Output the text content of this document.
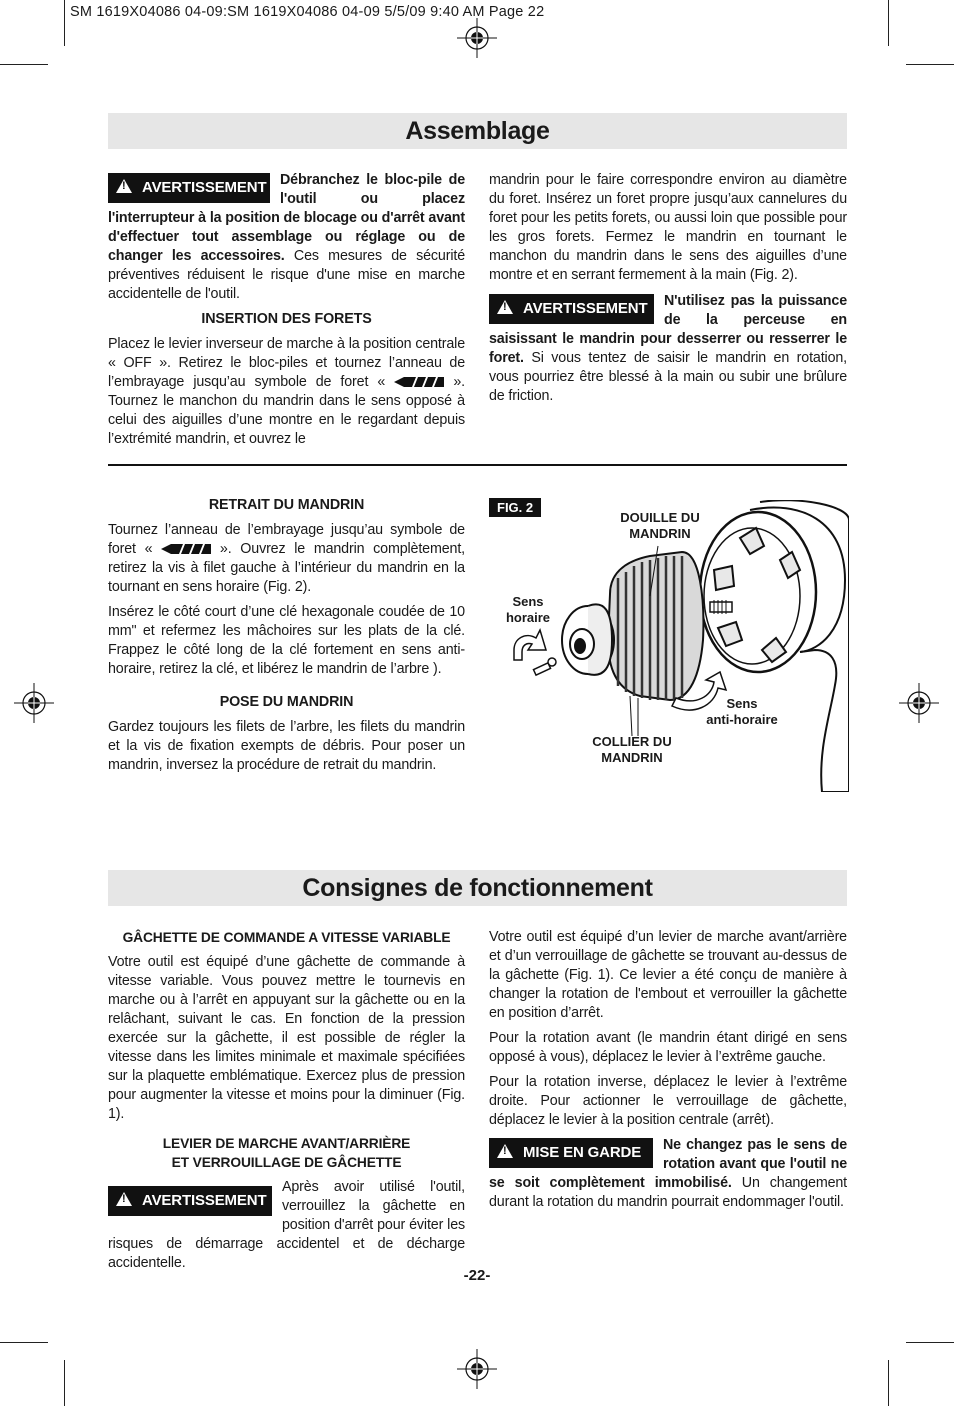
SM 1619X04086 04-09:SM 1619X04086 04-09 5/5/09 9:40 AM Page 22
Assemblage
!AVERTISSEMENT Débranchez le bloc-pile de l'outil ou placez l'interrupteur à la position de blocage ou d'arrêt avant d'effectuer tout assemblage ou réglage ou de changer les accessoires. Ces mesures de sécurité préventives réduisent le risque d'une mise en marche accidentelle de l'outil.

INSERTION DES FORETS

Placez le levier inverseur de marche à la position centrale « OFF ». Retirez le bloc-piles et tournez l’anneau de l’embrayage jusqu’au symbole de foret «	». Tournez le manchon du mandrin dans le sens opposé à celui des aiguilles d’une montre en le regardant depuis l’extrémité mandrin, et ouvrez le

mandrin pour le faire correspondre environ au diamètre du foret. Insérez un foret propre jusqu’aux cannelures du foret pour les petits forets, ou aussi loin que possible pour les gros forets. Fermez le mandrin en tournant le manchon du mandrin dans le sens des aiguilles d’une montre et en serrant fermement à la main (Fig. 2).

!AVERTISSEMENT	N'utilisez pas la puissance de la perceuse en saisissant le mandrin pour desserrer ou resserrer le foret. Si vous tentez de saisir le mandrin en rotation, vous pourriez être blessé à la main ou subir une brûlure de friction.

RETRAIT DU MANDRIN

Tournez l’anneau de l’embrayage jusqu’au symbole de foret «	». Ouvrez le mandrin complètement, retirez la vis à filet gauche à l’intérieur du mandrin en la tournant en sens horaire (Fig. 2).

Insérez le côté court d’une clé hexagonale coudée de 10 mm" et refermez les mâchoires sur les plats de la clé. Frappez le côté long de la clé fortement en sens anti-horaire, retirez la clé, et libérez le mandrin de l’arbre ).

POSE DU MANDRIN

Gardez toujours les filets de l’arbre, les filets du mandrin et la vis de fixation exempts de débris. Pour poser un mandrin, inversez la procédure de retrait du mandrin.

FIG. 2
DOUILLE DU
MANDRIN
Sens
horaire
Sens
anti-horaire
COLLIER DU
MANDRIN
Consignes de fonctionnement

GÂCHETTE DE COMMANDE A VITESSE VARIABLE

Votre outil est équipé d’une gâchette de commande à vitesse variable. Vous pouvez mettre le tournevis en marche ou à l’arrêt en appuyant sur la gâchette ou en la relâchant, suivant le cas. En fonction de la pression exercée sur la gâchette, il est possible de régler la vitesse dans les limites minimale et maximale spécifiées sur la plaquette emblématique. Exercez plus de pression pour augmenter la vitesse et moins pour la diminuer (Fig. 1).

LEVIER DE MARCHE AVANT/ARRIÈRE
ET VERROUILLAGE DE GÂCHETTE

!AVERTISSEMENT

Après avoir utilisé l'outil, verrouillez la gâchette en position d'arrêt pour éviter les risques de démarrage accidentel et de décharge accidentelle.

Votre outil est équipé d’un levier de marche avant/arrière et d’un verrouillage de gâchette se trouvant au-dessus de la gâchette (Fig. 1). Ce levier a été conçu de manière à changer la rotation de l'embout et verrouiller la gâchette en position d’arrêt.

Pour la rotation avant (le mandrin étant dirigé en sens opposé à vous), déplacez le levier à l’extrême gauche.

Pour la rotation inverse, déplacez le levier à l’extrême droite. Pour actionner le verrouillage de gâchette, déplacez le levier à la position centrale (arrêt).

!MISE EN GARDE	Ne changez pas le sens de rotation avant que l'outil ne se soit complètement immobilisé. Un changement durant la rotation du mandrin pourrait endommager l'outil.

-22-
